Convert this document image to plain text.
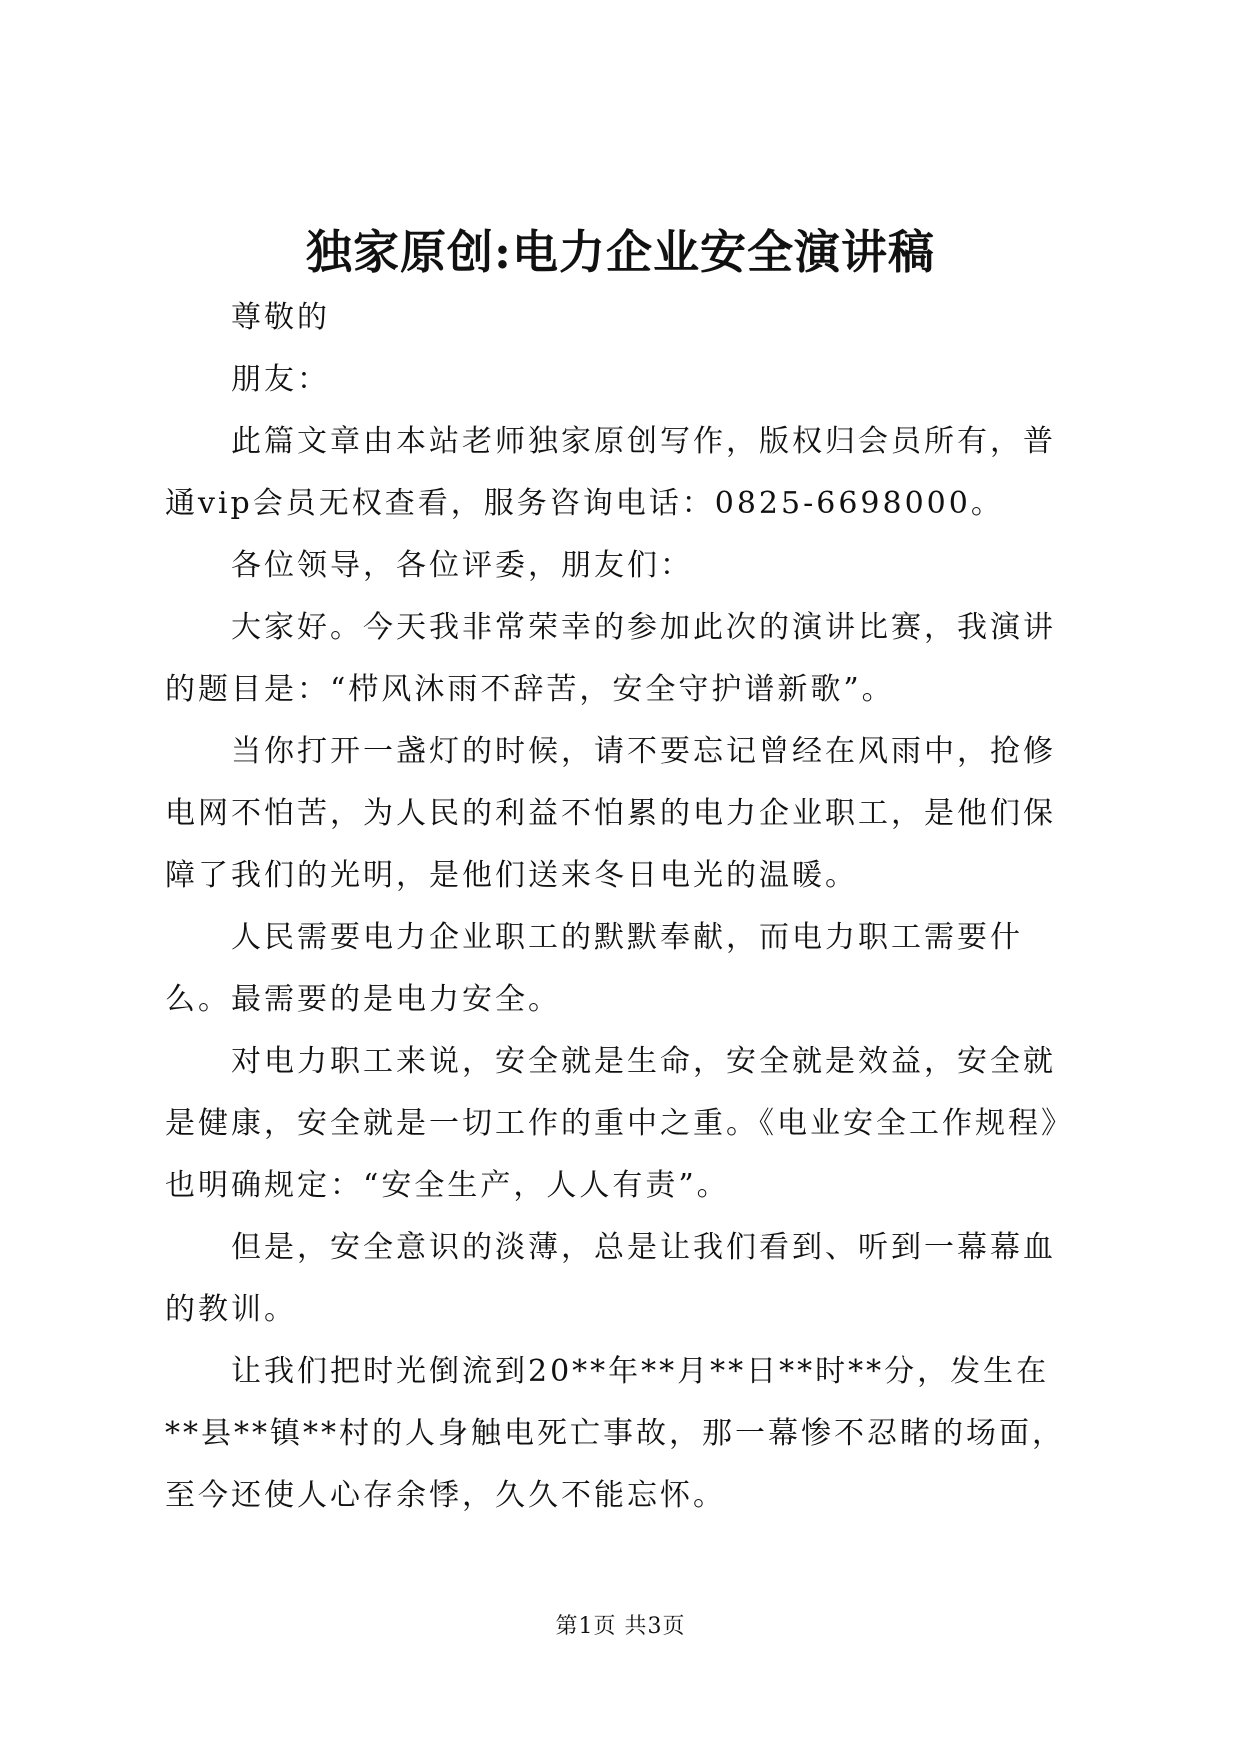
独家原创:电力企业安全演讲稿

尊敬的

朋友：

此篇文章由本站老师独家原创写作，版权归会员所有，普通vip会员无权查看，服务咨询电话：0825-6698000。

各位领导，各位评委，朋友们：

大家好。今天我非常荣幸的参加此次的演讲比赛，我演讲的题目是：“栉风沐雨不辞苦，安全守护谱新歌”。

当你打开一盏灯的时候，请不要忘记曾经在风雨中，抢修电网不怕苦，为人民的利益不怕累的电力企业职工，是他们保障了我们的光明，是他们送来冬日电光的温暖。

人民需要电力企业职工的默默奉献，而电力职工需要什么。最需要的是电力安全。

对电力职工来说，安全就是生命，安全就是效益，安全就是健康，安全就是一切工作的重中之重。《电业安全工作规程》也明确规定：“安全生产，人人有责”。

但是，安全意识的淡薄，总是让我们看到、听到一幕幕血的教训。

让我们把时光倒流到20**年**月**日**时**分，发生在**县**镇**村的人身触电死亡事故，那一幕惨不忍睹的场面，至今还使人心存余悸，久久不能忘怀。

第1页 共3页
